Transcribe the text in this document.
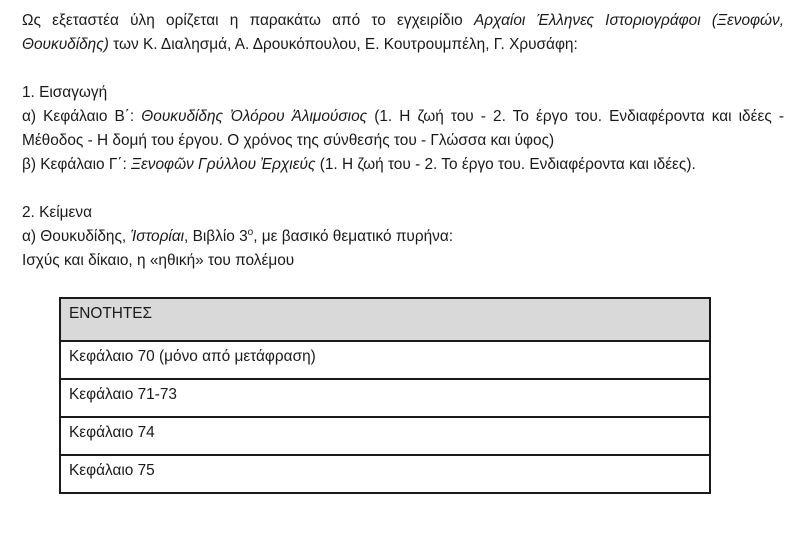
Ως εξεταστέα ύλη ορίζεται η παρακάτω από το εγχειρίδιο Αρχαίοι Έλληνες Ιστοριογράφοι (Ξενοφών, Θουκυδίδης) των Κ. Διαλησμά, Α. Δρουκόπουλου, Ε. Κουτρουμπέλη, Γ. Χρυσάφη:

1. Εισαγωγή

α) Κεφάλαιο Β΄: Θουκυδίδης Ὀλόρου Ἁλιμούσιος (1. Η ζωή του - 2. Το έργο του. Ενδιαφέροντα και ιδέες - Μέθοδος - Η δομή του έργου. Ο χρόνος της σύνθεσής του - Γλώσσα και ύφος)

β) Κεφάλαιο Γ΄: Ξενοφῶν Γρύλλου Ἐρχιεύς (1. Η ζωή του - 2. Το έργο του. Ενδιαφέροντα και ιδέες).

2. Κείμενα

α) Θουκυδίδης, Ἱστορίαι, Βιβλίο $3^o$, με βασικό θεματικό πυρήνα:

Ισχύς και δίκαιο, η «ηθική» του πολέμου

ΕΝΟΤΗΤΕΣ
Κεφάλαιο 70 (μόνο από μετάφραση)
Κεφάλαιο 71-73
Κεφάλαιο 74
Κεφάλαιο 75
